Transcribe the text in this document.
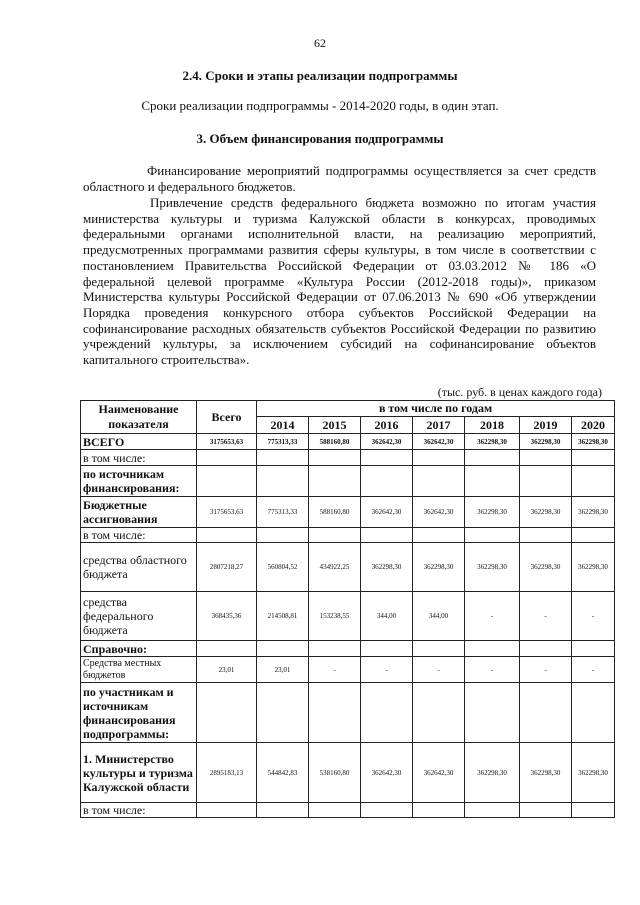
62
2.4. Сроки и этапы реализации подпрограммы
Сроки реализации подпрограммы - 2014-2020 годы, в один этап.
3. Объем финансирования подпрограммы

Финансирование мероприятий подпрограммы осуществляется за счет средств областного и федерального бюджетов.

Привлечение средств федерального бюджета возможно по итогам участия министерства культуры и туризма Калужской области в конкурсах, проводимых федеральными органами исполнительной власти, на реализацию мероприятий, предусмотренных программами развития сферы культуры, в том числе в соответствии с постановлением Правительства Российской Федерации от 03.03.2012 № 186 «О федеральной целевой программе «Культура России (2012-2018 годы)», приказом Министерства культуры Российской Федерации от 07.06.2013 № 690 «Об утверждении Порядка проведения конкурсного отбора субъектов Российской Федерации на софинансирование расходных обязательств субъектов Российской Федерации по развитию учреждений культуры, за исключением субсидий на софинансирование объектов капитального строительства».

(тыс. руб. в ценах каждого года)
Наименование показателя	Всего	в том числе по годам						
		2014	2015	2016	2017	2018	2019	2020
ВСЕГО	3175653,63	775313,33	588160,80	362642,30	362642,30	362298,30	362298,30	362298,30
в том числе:								
по источникам финансирования:								
Бюджетные ассигнования	3175653,63	775313,33	588160,80	362642,30	362642,30	362298,30	362298,30	362298,30
в том числе:								
средства областного бюджета	2807218,27	560804,52	434922,25	362298,30	362298,30	362298,30	362298,30	362298,30
средства федерального бюджета	368435,36	214508,81	153238,55	344,00	344,00	-	-	-
Справочно:								
Средства местных бюджетов	23,01	23,01	-	-	-	-	-	-
по участникам и источникам финансирования подпрограммы:								
1. Министерство культуры и туризма Калужской области	2895183,13	544842,83	538160,80	362642,30	362642,30	362298,30	362298,30	362298,30
в том числе:								
